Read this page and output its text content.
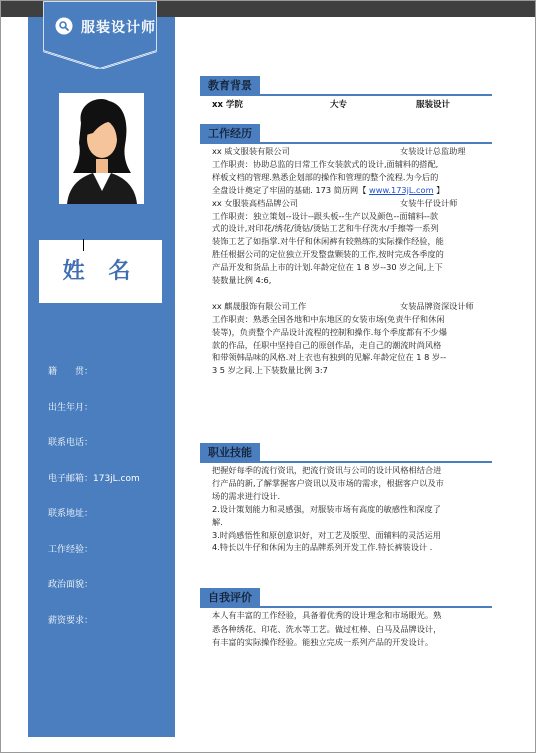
服装设计师
姓 名
籍　　贯：
出生年月：
联系电话：
电子邮箱：173jL.com
联系地址：
工作经验：
政治面貌：
薪资要求：
教育背景
xx 学院	大专	服装设计
工作经历
xx 威文服装有限公司	女装设计总监助理

工作职责：协助总监的日常工作女装款式的设计,面辅料的搭配,

样板文档的管理.熟悉企划部的操作和管理的整个流程.为今后的

全盘设计奠定了牢固的基础. 173 简历网【 www.173jL.com 】

xx 女服装高档品牌公司	女装牛仔设计师

工作职责：独立策划--设计--跟头板--生产以及颜色--面辅料--款

式的设计,对印花/绣花/烫钻/烫钻工艺和牛仔洗水/手擦等一系列

装饰工艺了如指掌.对牛仔和休闲裤有较熟练的实际操作经验，能

胜任根据公司的定位独立开发整盘颗装的工作,按时完成各季度的

产品开发和货品上市的计划.年龄定位在 1 8 岁--30 岁之间,上下

装数量比例 4:6,

xx 麒晟服饰有限公司工作	女装品牌资深设计师

工作职责：熟悉全国各地和中东地区的女装市场(免责牛仔和休闲

装等)，负责整个产品设计流程的控制和操作.每个季度都有不少爆

款的作品，任职中坚持自己的原创作品，走自己的潮流时尚风格

和带领韩品味的风格.对上衣也有独到的见解.年龄定位在 1 8 岁--

3 5 岁之间.上下装数量比例 3:7

职业技能

把握好每季的流行资讯，把流行资讯与公司的设计风格相结合进

行产品的新,了解掌握客户资讯以及市场的需求，根据客户以及市

场的需求进行设计.

2.设计策划能力和灵感强，对服装市场有高度的敏感性和深度了

解.

3.时尚感悟性和原创意识好，对工艺及版型、面辅料的灵活运用

4.特长以牛仔和休闲为主的品牌系列开发工作.特长裤装设计 .

自我评价

本人有丰富的工作经验，具备着优秀的设计理念和市场眼光。熟

悉各种绣花、印花、洗水等工艺。做过杠棒、白马及品牌设计，

有丰富的实际操作经验。能独立完成一系列产品的开发设计。
